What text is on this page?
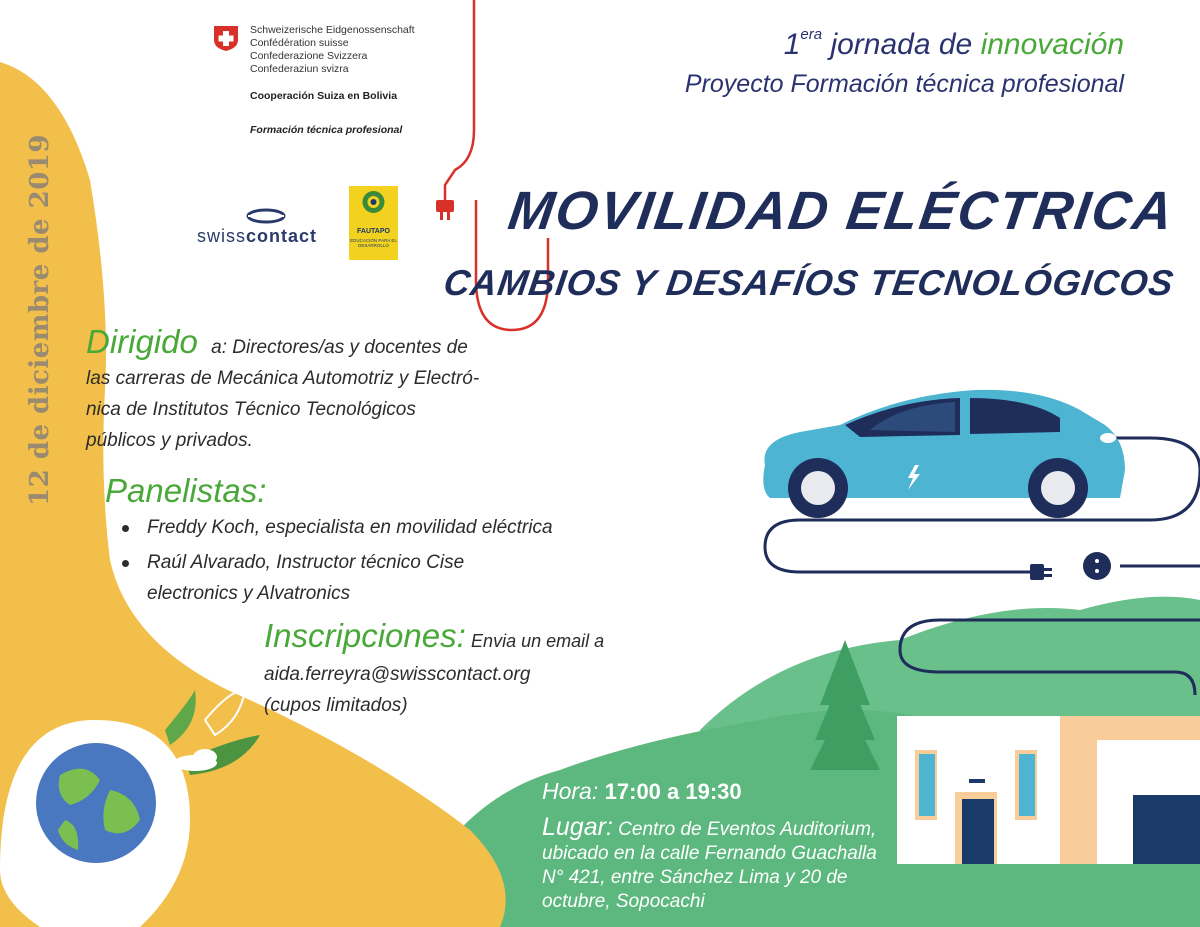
Schweizerische Eidgenossenschaft
Confédération suisse
Confederazione Svizzera
Confederaziun svizra
Cooperación Suiza en Bolivia
Formación técnica profesional
swisscontact	FAUTAPO
EDUCACIÓN PARA EL DESARROLLO
12 de diciembre de 2019
$1^{era}$ jornada de innovación
Proyecto Formación técnica profesional
MOVILIDAD ELÉCTRICA
CAMBIOS Y DESAFÍOS TECNOLÓGICOS
Dirigido a: Directores/as y docentes de las carreras de Mecánica Automotriz y Electró-nica de Institutos Técnico Tecnológicos públicos y privados.
Panelistas:
Freddy Koch, especialista en movilidad eléctrica
Raúl Alvarado, Instructor técnico Cise electronics y Alvatronics
Inscripciones: Envia un email a
aida.ferreyra@swisscontact.org
(cupos limitados)
Hora: 17:00 a 19:30
Lugar: Centro de Eventos Auditorium, ubicado en la calle Fernando Guachalla N° 421, entre Sánchez Lima y 20 de octubre, Sopocachi
